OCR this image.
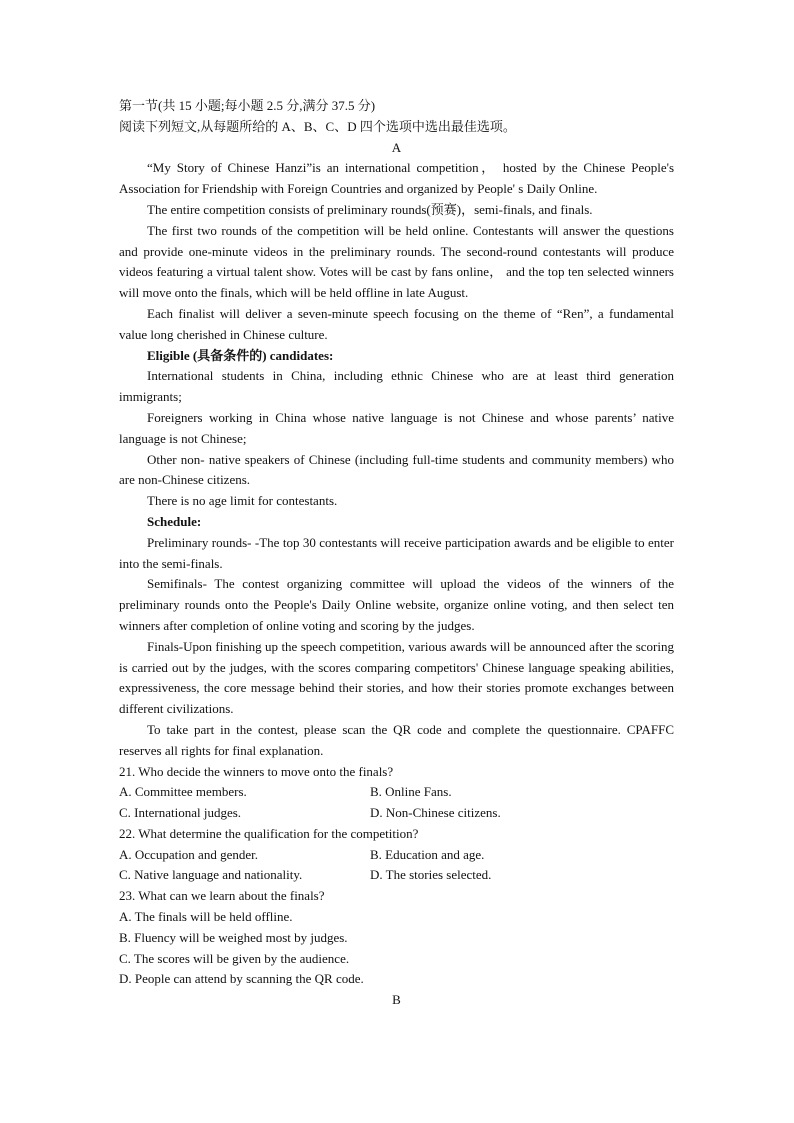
第一节(共 15 小题;每小题 2.5 分,满分 37.5 分)

阅读下列短文,从每题所给的 A、B、C、D 四个选项中选出最佳选项。

A

“My Story of Chinese Hanzi”is an international competition， hosted by the Chinese People's Association for Friendship with Foreign Countries and organized by People' s Daily Online.

The entire competition consists of preliminary rounds(预赛)，semi-finals, and finals.

The first two rounds of the competition will be held online. Contestants will answer the questions and provide one-minute videos in the preliminary rounds. The second-round contestants will produce videos featuring a virtual talent show. Votes will be cast by fans online， and the top ten selected winners will move onto the finals, which will be held offline in late August.

Each finalist will deliver a seven-minute speech focusing on the theme of “Ren”, a fundamental value long cherished in Chinese culture.

Eligible (具备条件的) candidates:

International students in China, including ethnic Chinese who are at least third generation immigrants;

Foreigners working in China whose native language is not Chinese and whose parents’ native language is not Chinese;

Other non- native speakers of Chinese (including full-time students and community members) who are non-Chinese citizens.

There is no age limit for contestants.

Schedule:

Preliminary rounds- -The top 30 contestants will receive participation awards and be eligible to enter into the semi-finals.

Semifinals- The contest organizing committee will upload the videos of the winners of the preliminary rounds onto the People's Daily Online website, organize online voting, and then select ten winners after completion of online voting and scoring by the judges.

Finals-Upon finishing up the speech competition, various awards will be announced after the scoring is carried out by the judges, with the scores comparing competitors' Chinese language speaking abilities, expressiveness, the core message behind their stories, and how their stories promote exchanges between different civilizations.

To take part in the contest, please scan the QR code and complete the questionnaire. CPAFFC reserves all rights for final explanation.

21. Who decide the winners to move onto the finals?

A. Committee members.	B. Online Fans.
C. International judges.	D. Non-Chinese citizens.

22. What determine the qualification for the competition?

A. Occupation and gender.	B. Education and age.
C. Native language and nationality.	D. The stories selected.

23. What can we learn about the finals?

A. The finals will be held offline.

B. Fluency will be weighed most by judges.

C. The scores will be given by the audience.

D. People can attend by scanning the QR code.

B
